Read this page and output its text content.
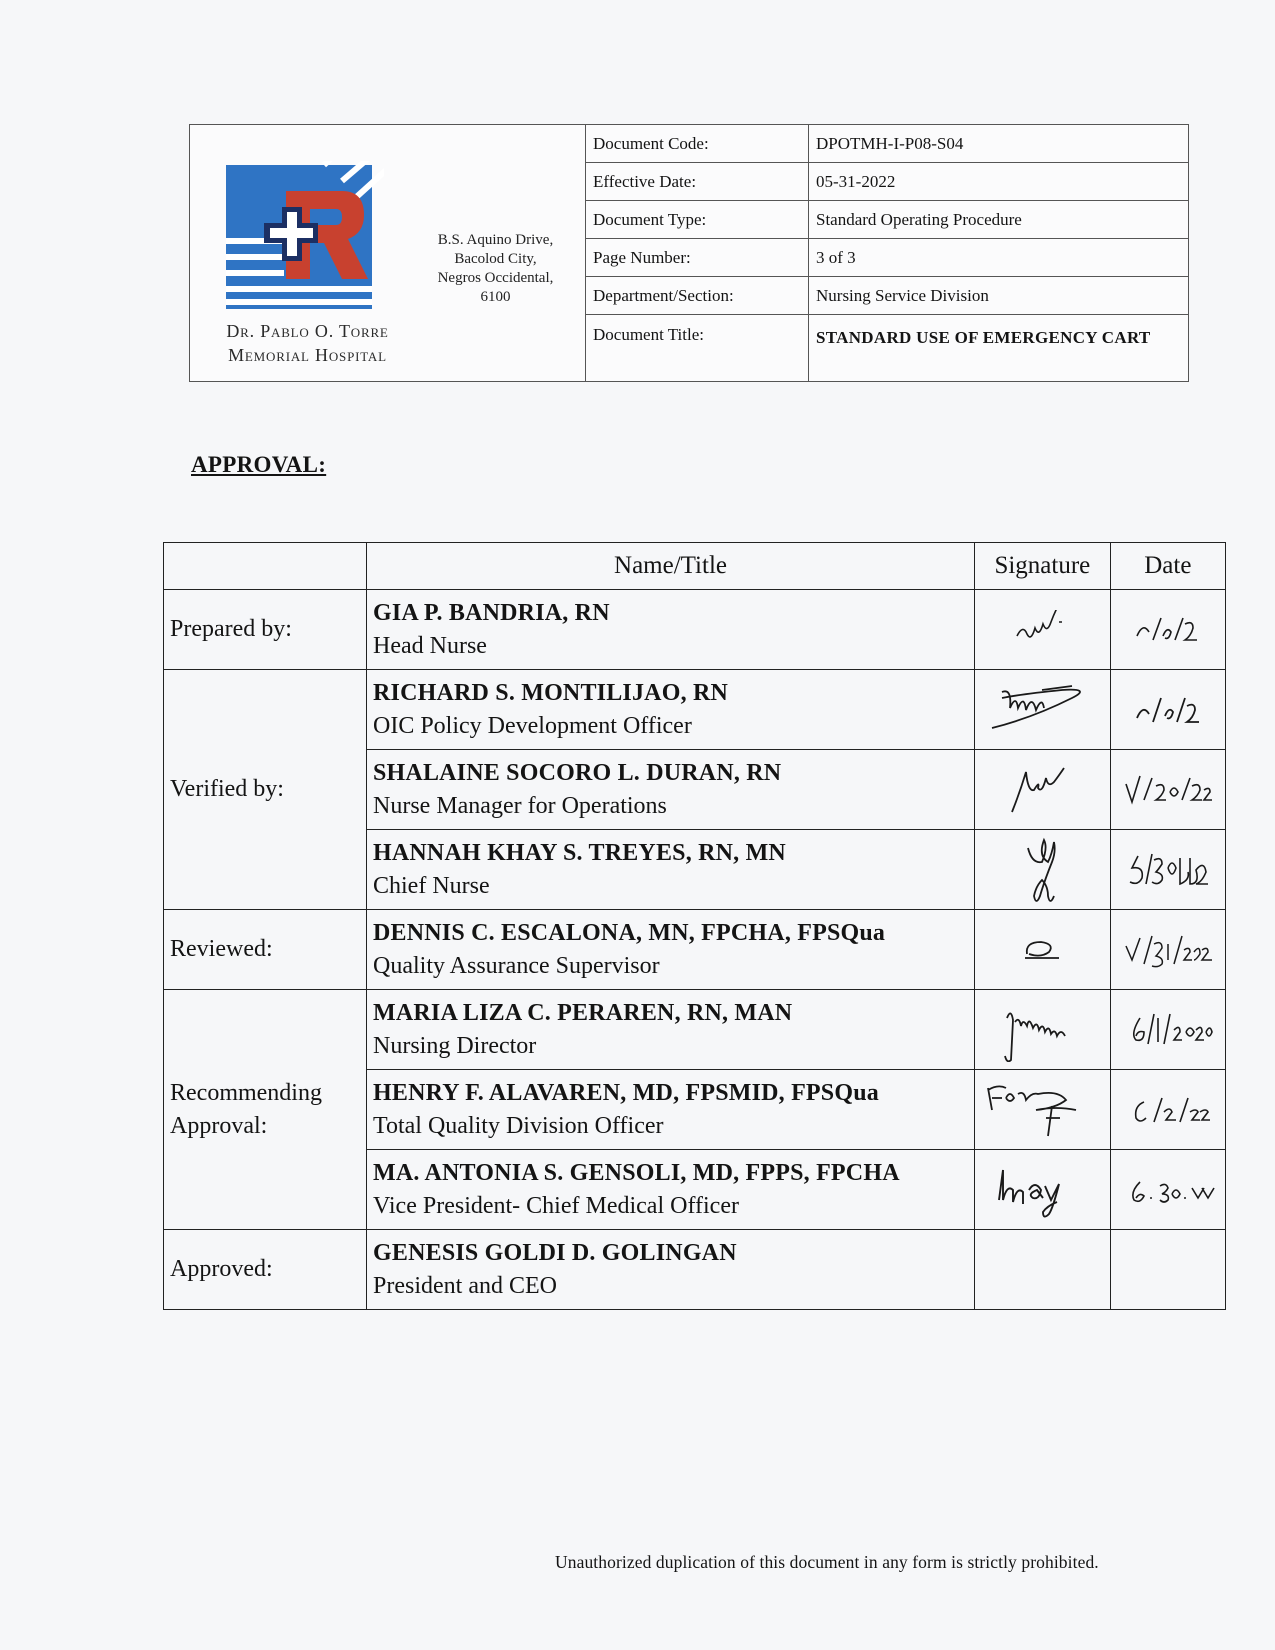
Dr. Pablo O. Torre
Memorial Hospital
B.S. Aquino Drive,
Bacolod City,
Negros Occidental,
6100
Document Code:	DPOTMH-I-P08-S04
Effective Date:	05-31-2022
Document Type:	Standard Operating Procedure
Page Number:	3 of 3
Department/Section:	Nursing Service Division
Document Title:	STANDARD USE OF EMERGENCY CART
APPROVAL:
	Name/Title	Signature	Date
Prepared by:	GIA P. BANDRIA, RN
Head Nurse

Verified by:	RICHARD S. MONTILIJAO, RN
OIC Policy Development Officer

	SHALAINE SOCORO L. DURAN, RN
Nurse Manager for Operations

	HANNAH KHAY S. TREYES, RN, MN
Chief Nurse

Reviewed:	DENNIS C. ESCALONA, MN, FPCHA, FPSQua
Quality Assurance Supervisor

Recommending Approval:	MARIA LIZA C. PERAREN, RN, MAN
Nursing Director

	HENRY F. ALAVAREN, MD, FPSMID, FPSQua
Total Quality Division Officer

	MA. ANTONIA S. GENSOLI, MD, FPPS, FPCHA
Vice President- Chief Medical Officer

Approved:	GENESIS GOLDI D. GOLINGAN
President and CEO		

Unauthorized duplication of this document in any form is strictly prohibited.
